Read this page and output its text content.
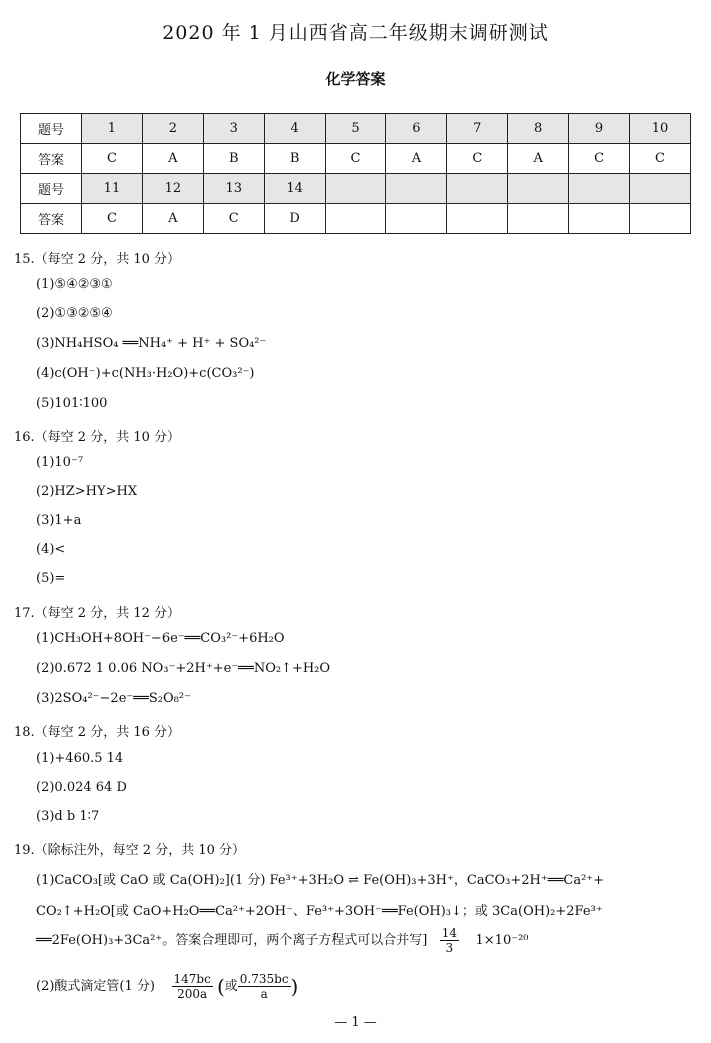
2020 年 1 月山西省高二年级期末调研测试
化学答案
题号	1	2	3	4	5	6	7	8	9	10
答案	C	A	B	B	C	A	C	A	C	C
题号	11	12	13	14						
答案	C	A	C	D						
15.（每空 2 分，共 10 分）
(1)⑤④②③①
(2)①③②⑤④
(3)NH₄HSO₄ ══NH₄⁺ + H⁺ + SO₄²⁻
(4)c(OH⁻)+c(NH₃·H₂O)+c(CO₃²⁻)
(5)101∶100
16.（每空 2 分，共 10 分）
(1)10⁻⁷
(2)HZ>HY>HX
(3)1+a
(4)<
(5)=
17.（每空 2 分，共 12 分）
(1)CH₃OH+8OH⁻−6e⁻══CO₃²⁻+6H₂O
(2)0.672 1 0.06 NO₃⁻+2H⁺+e⁻══NO₂↑+H₂O
(3)2SO₄²⁻−2e⁻══S₂O₈²⁻
18.（每空 2 分，共 16 分）
(1)+460.5 14
(2)0.024 64 D
(3)d b 1∶7
19.（除标注外，每空 2 分，共 10 分）
(1)CaCO₃[或 CaO 或 Ca(OH)₂](1 分) Fe³⁺+3H₂O ⇌ Fe(OH)₃+3H⁺，CaCO₃+2H⁺══Ca²⁺+
CO₂↑+H₂O[或 CaO+H₂O══Ca²⁺+2OH⁻、Fe³⁺+3OH⁻══Fe(OH)₃↓；或 3Ca(OH)₂+2Fe³⁺
══2Fe(OH)₃+3Ca²⁺。答案合理即可，两个离子方程式可以合并写] $\frac{14}{3} 1\times 10^{-20}$
(2)酸式滴定管(1 分) $\frac{147bc}{200a}$ (或 $\frac{0.735bc}{a}$ )
— 1 —
